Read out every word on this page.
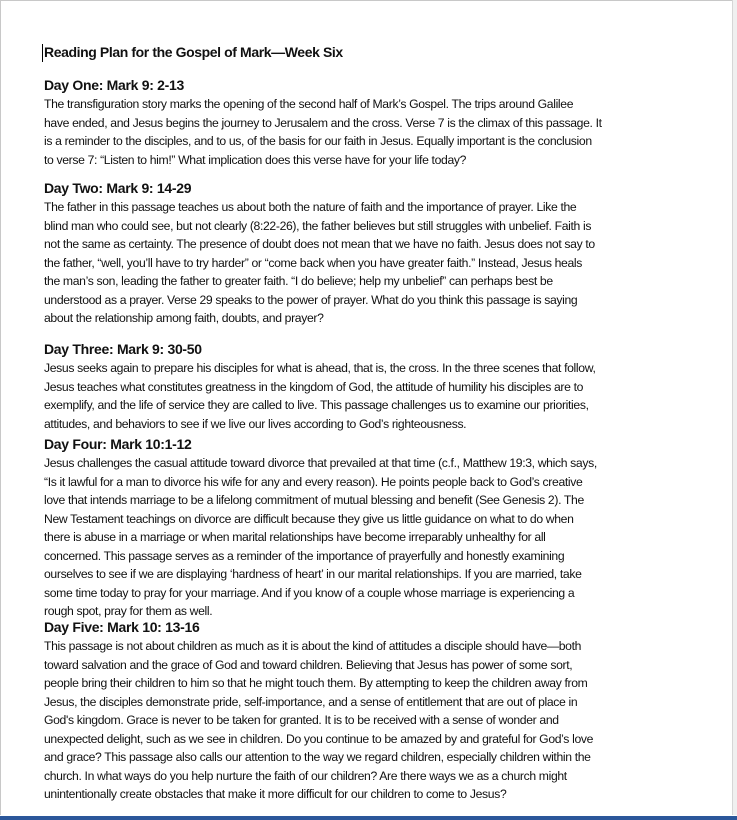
Reading Plan for the Gospel of Mark—Week Six
Day One: Mark 9: 2-13
The transfiguration story marks the opening of the second half of Mark’s Gospel. The trips around Galilee
have ended, and Jesus begins the journey to Jerusalem and the cross. Verse 7 is the climax of this passage. It
is a reminder to the disciples, and to us, of the basis for our faith in Jesus. Equally important is the conclusion
to verse 7: “Listen to him!” What implication does this verse have for your life today?
Day Two: Mark 9: 14-29
The father in this passage teaches us about both the nature of faith and the importance of prayer. Like the
blind man who could see, but not clearly (8:22-26), the father believes but still struggles with unbelief. Faith is
not the same as certainty. The presence of doubt does not mean that we have no faith. Jesus does not say to
the father, “well, you’ll have to try harder” or “come back when you have greater faith.” Instead, Jesus heals
the man’s son, leading the father to greater faith. “I do believe; help my unbelief” can perhaps best be
understood as a prayer. Verse 29 speaks to the power of prayer. What do you think this passage is saying
about the relationship among faith, doubts, and prayer?
Day Three: Mark 9: 30-50
Jesus seeks again to prepare his disciples for what is ahead, that is, the cross. In the three scenes that follow,
Jesus teaches what constitutes greatness in the kingdom of God, the attitude of humility his disciples are to
exemplify, and the life of service they are called to live. This passage challenges us to examine our priorities,
attitudes, and behaviors to see if we live our lives according to God’s righteousness.
Day Four: Mark 10:1-12
Jesus challenges the casual attitude toward divorce that prevailed at that time (c.f., Matthew 19:3, which says,
“Is it lawful for a man to divorce his wife for any and every reason). He points people back to God’s creative
love that intends marriage to be a lifelong commitment of mutual blessing and benefit (See Genesis 2). The
New Testament teachings on divorce are difficult because they give us little guidance on what to do when
there is abuse in a marriage or when marital relationships have become irreparably unhealthy for all
concerned. This passage serves as a reminder of the importance of prayerfully and honestly examining
ourselves to see if we are displaying ‘hardness of heart’ in our marital relationships. If you are married, take
some time today to pray for your marriage. And if you know of a couple whose marriage is experiencing a
rough spot, pray for them as well.
Day Five: Mark 10: 13-16
This passage is not about children as much as it is about the kind of attitudes a disciple should have—both
toward salvation and the grace of God and toward children. Believing that Jesus has power of some sort,
people bring their children to him so that he might touch them. By attempting to keep the children away from
Jesus, the disciples demonstrate pride, self-importance, and a sense of entitlement that are out of place in
God's kingdom. Grace is never to be taken for granted. It is to be received with a sense of wonder and
unexpected delight, such as we see in children. Do you continue to be amazed by and grateful for God’s love
and grace? This passage also calls our attention to the way we regard children, especially children within the
church. In what ways do you help nurture the faith of our children? Are there ways we as a church might
unintentionally create obstacles that make it more difficult for our children to come to Jesus?
